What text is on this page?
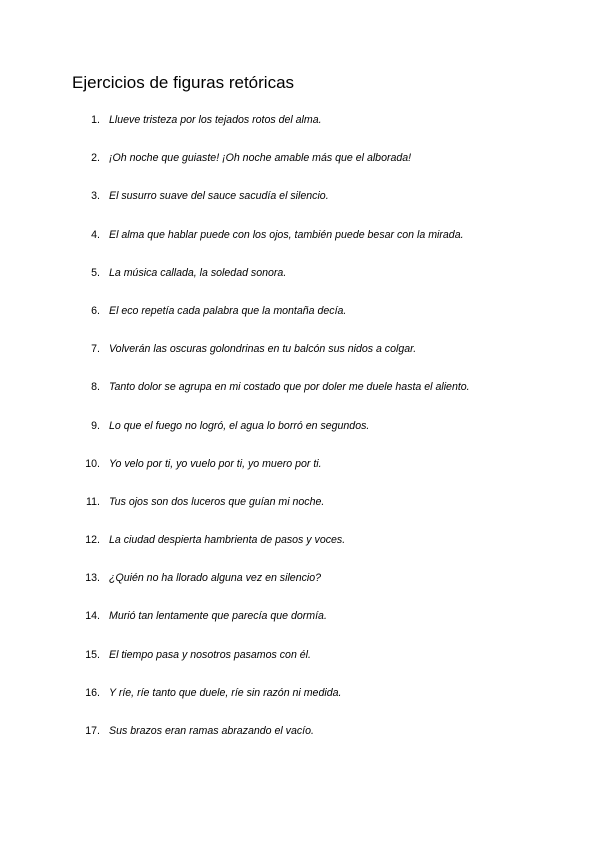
Ejercicios de figuras retóricas
1. Llueve tristeza por los tejados rotos del alma.
2. ¡Oh noche que guiaste! ¡Oh noche amable más que el alborada!
3. El susurro suave del sauce sacudía el silencio.
4. El alma que hablar puede con los ojos, también puede besar con la mirada.
5. La música callada, la soledad sonora.
6. El eco repetía cada palabra que la montaña decía.
7. Volverán las oscuras golondrinas en tu balcón sus nidos a colgar.
8. Tanto dolor se agrupa en mi costado que por doler me duele hasta el aliento.
9. Lo que el fuego no logró, el agua lo borró en segundos.
10. Yo velo por ti, yo vuelo por ti, yo muero por ti.
11. Tus ojos son dos luceros que guían mi noche.
12. La ciudad despierta hambrienta de pasos y voces.
13. ¿Quién no ha llorado alguna vez en silencio?
14. Murió tan lentamente que parecía que dormía.
15. El tiempo pasa y nosotros pasamos con él.
16. Y ríe, ríe tanto que duele, ríe sin razón ni medida.
17. Sus brazos eran ramas abrazando el vacío.
